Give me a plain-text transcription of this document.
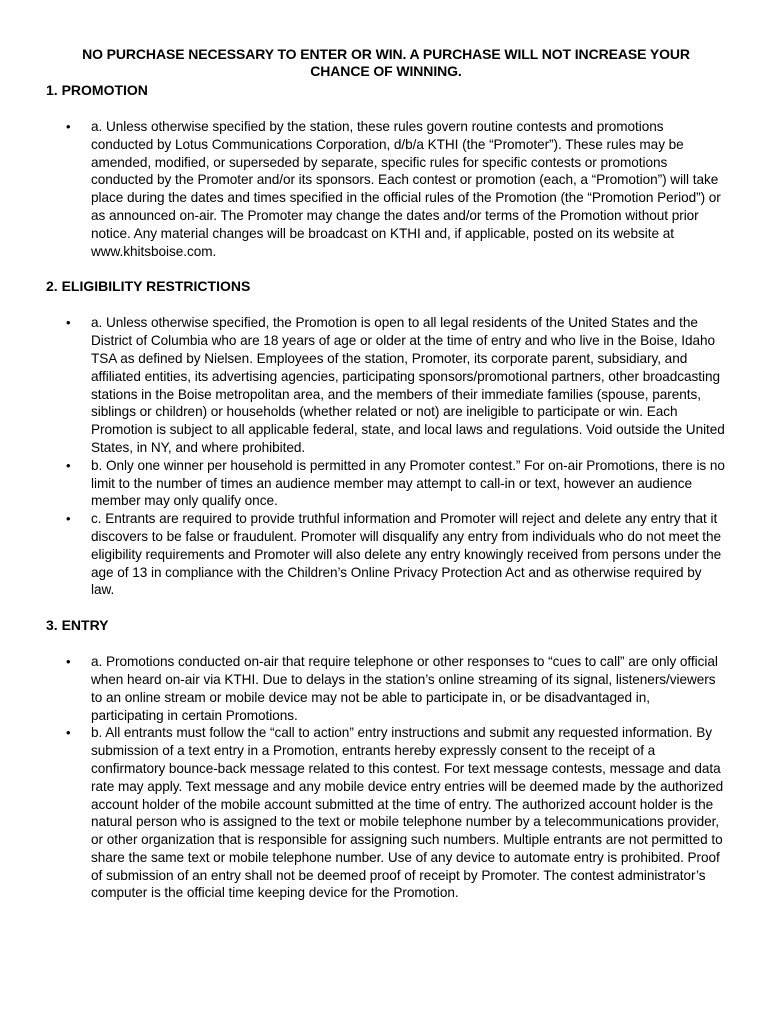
NO PURCHASE NECESSARY TO ENTER OR WIN. A PURCHASE WILL NOT INCREASE YOUR CHANCE OF WINNING.
1. PROMOTION
• a. Unless otherwise specified by the station, these rules govern routine contests and promotions conducted by Lotus Communications Corporation, d/b/a KTHI (the “Promoter”). These rules may be amended, modified, or superseded by separate, specific rules for specific contests or promotions conducted by the Promoter and/or its sponsors. Each contest or promotion (each, a “Promotion”) will take place during the dates and times specified in the official rules of the Promotion (the “Promotion Period”) or as announced on-air. The Promoter may change the dates and/or terms of the Promotion without prior notice. Any material changes will be broadcast on KTHI and, if applicable, posted on its website at www.khitsboise.com.
2. ELIGIBILITY RESTRICTIONS
• a. Unless otherwise specified, the Promotion is open to all legal residents of the United States and the District of Columbia who are 18 years of age or older at the time of entry and who live in the Boise, Idaho TSA as defined by Nielsen. Employees of the station, Promoter, its corporate parent, subsidiary, and affiliated entities, its advertising agencies, participating sponsors/promotional partners, other broadcasting stations in the Boise metropolitan area, and the members of their immediate families (spouse, parents, siblings or children) or households (whether related or not) are ineligible to participate or win. Each Promotion is subject to all applicable federal, state, and local laws and regulations. Void outside the United States, in NY, and where prohibited.
• b. Only one winner per household is permitted in any Promoter contest.” For on-air Promotions, there is no limit to the number of times an audience member may attempt to call-in or text, however an audience member may only qualify once.
• c. Entrants are required to provide truthful information and Promoter will reject and delete any entry that it discovers to be false or fraudulent. Promoter will disqualify any entry from individuals who do not meet the eligibility requirements and Promoter will also delete any entry knowingly received from persons under the age of 13 in compliance with the Children’s Online Privacy Protection Act and as otherwise required by law.
3. ENTRY
• a. Promotions conducted on-air that require telephone or other responses to “cues to call” are only official when heard on-air via KTHI. Due to delays in the station’s online streaming of its signal, listeners/viewers to an online stream or mobile device may not be able to participate in, or be disadvantaged in, participating in certain Promotions.
• b. All entrants must follow the “call to action” entry instructions and submit any requested information. By submission of a text entry in a Promotion, entrants hereby expressly consent to the receipt of a confirmatory bounce-back message related to this contest. For text message contests, message and data rate may apply. Text message and any mobile device entry entries will be deemed made by the authorized account holder of the mobile account submitted at the time of entry. The authorized account holder is the natural person who is assigned to the text or mobile telephone number by a telecommunications provider, or other organization that is responsible for assigning such numbers. Multiple entrants are not permitted to share the same text or mobile telephone number. Use of any device to automate entry is prohibited. Proof of submission of an entry shall not be deemed proof of receipt by Promoter. The contest administrator’s computer is the official time keeping device for the Promotion.
